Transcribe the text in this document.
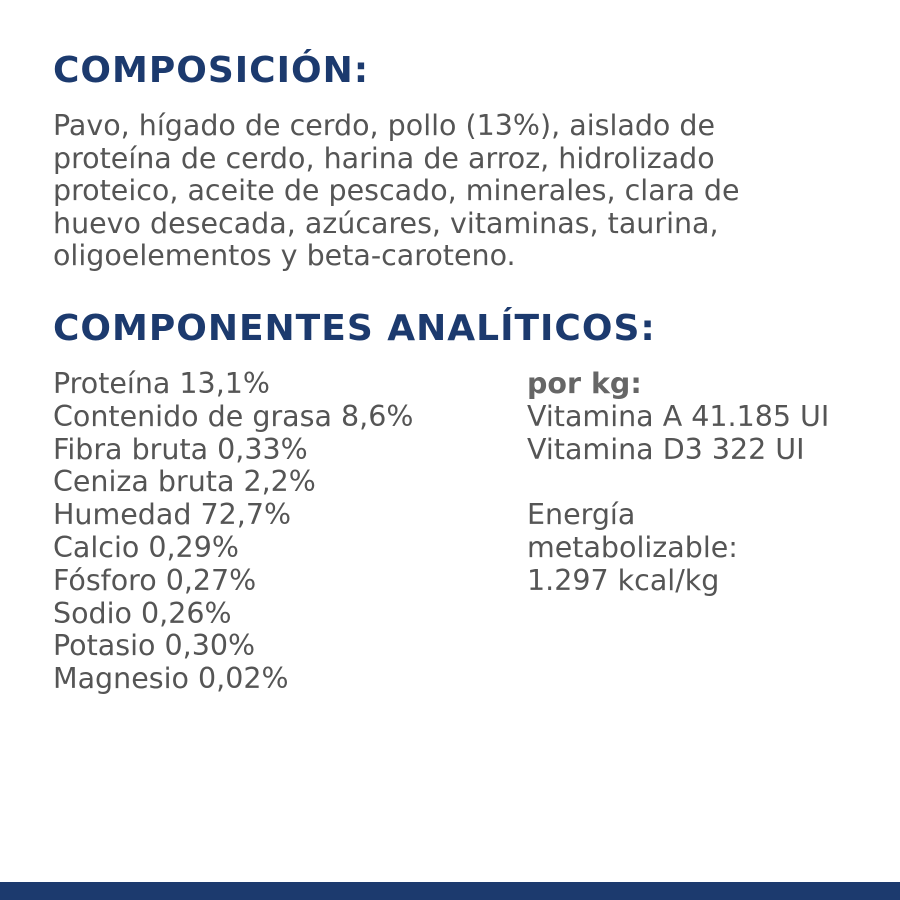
COMPOSICIÓN:

Pavo, hígado de cerdo, pollo (13%), aislado de
proteína de cerdo, harina de arroz, hidrolizado
proteico, aceite de pescado, minerales, clara de
huevo desecada, azúcares, vitaminas, taurina,
oligoelementos y beta-caroteno.

COMPONENTES ANALÍTICOS:
Proteína 13,1%
Contenido de grasa 8,6%
Fibra bruta 0,33%
Ceniza bruta 2,2%
Humedad 72,7%
Calcio 0,29%
Fósforo 0,27%
Sodio 0,26%
Potasio 0,30%
Magnesio 0,02%
por kg:
Vitamina A 41.185 UI
Vitamina D3 322 UI
Energía
metabolizable:
1.297 kcal/kg
